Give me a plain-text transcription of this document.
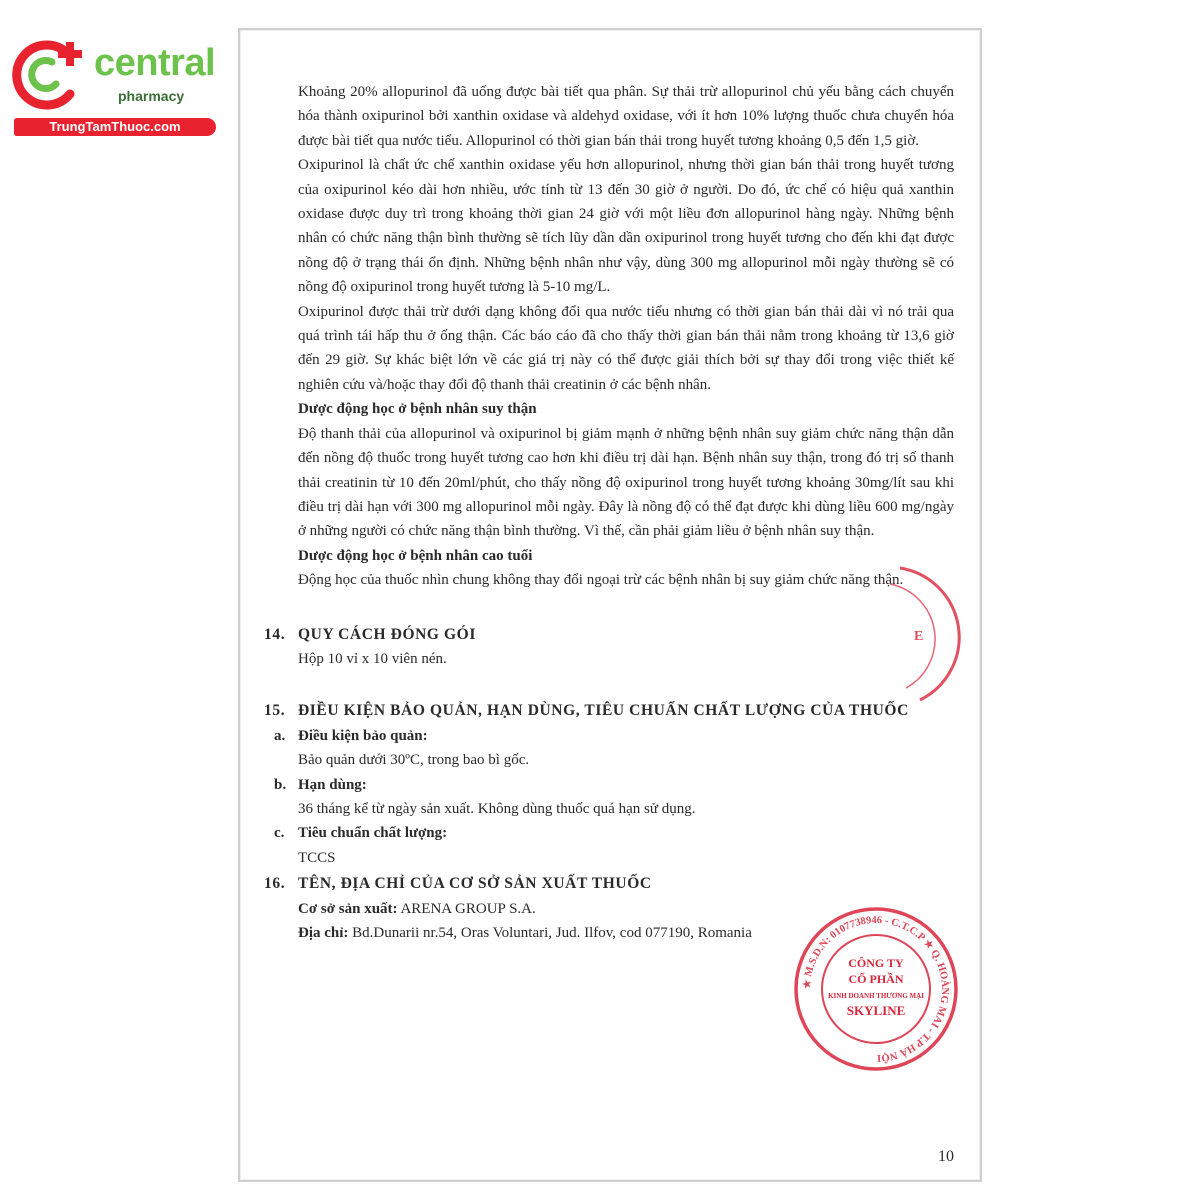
central
pharmacy
TrungTamThuoc.com

Khoảng 20% allopurinol đã uống được bài tiết qua phân. Sự thải trừ allopurinol chủ yếu bằng cách chuyển hóa thành oxipurinol bởi xanthin oxidase và aldehyd oxidase, với ít hơn 10% lượng thuốc chưa chuyển hóa được bài tiết qua nước tiểu. Allopurinol có thời gian bán thải trong huyết tương khoảng 0,5 đến 1,5 giờ.

Oxipurinol là chất ức chế xanthin oxidase yếu hơn allopurinol, nhưng thời gian bán thải trong huyết tương của oxipurinol kéo dài hơn nhiều, ước tính từ 13 đến 30 giờ ở người. Do đó, ức chế có hiệu quả xanthin oxidase được duy trì trong khoảng thời gian 24 giờ với một liều đơn allopurinol hàng ngày. Những bệnh nhân có chức năng thận bình thường sẽ tích lũy dần dần oxipurinol trong huyết tương cho đến khi đạt được nồng độ ở trạng thái ổn định. Những bệnh nhân như vậy, dùng 300 mg allopurinol mỗi ngày thường sẽ có nồng độ oxipurinol trong huyết tương là 5-10 mg/L.

Oxipurinol được thải trừ dưới dạng không đổi qua nước tiểu nhưng có thời gian bán thải dài vì nó trải qua quá trình tái hấp thu ở ống thận. Các báo cáo đã cho thấy thời gian bán thải nằm trong khoảng từ 13,6 giờ đến 29 giờ. Sự khác biệt lớn về các giá trị này có thể được giải thích bởi sự thay đổi trong việc thiết kế nghiên cứu và/hoặc thay đổi độ thanh thải creatinin ở các bệnh nhân.

Dược động học ở bệnh nhân suy thận

Độ thanh thải của allopurinol và oxipurinol bị giảm mạnh ở những bệnh nhân suy giảm chức năng thận dẫn đến nồng độ thuốc trong huyết tương cao hơn khi điều trị dài hạn. Bệnh nhân suy thận, trong đó trị số thanh thải creatinin từ 10 đến 20ml/phút, cho thấy nồng độ oxipurinol trong huyết tương khoảng 30mg/lít sau khi điều trị dài hạn với 300 mg allopurinol mỗi ngày. Đây là nồng độ có thể đạt được khi dùng liều 600 mg/ngày ở những người có chức năng thận bình thường. Vì thế, cần phải giảm liều ở bệnh nhân suy thận.

Dược động học ở bệnh nhân cao tuổi

Động học của thuốc nhìn chung không thay đổi ngoại trừ các bệnh nhân bị suy giảm chức năng thận.

14. QUY CÁCH ĐÓNG GÓI

Hộp 10 vỉ x 10 viên nén.

15. ĐIỀU KIỆN BẢO QUẢN, HẠN DÙNG, TIÊU CHUẨN CHẤT LƯỢNG CỦA THUỐC
a. Điều kiện bảo quản:

Bảo quản dưới 30ºC, trong bao bì gốc.

b. Hạn dùng:

36 tháng kể từ ngày sản xuất. Không dùng thuốc quá hạn sử dụng.

c. Tiêu chuẩn chất lượng:

TCCS

16. TÊN, ĐỊA CHỈ CỦA CƠ SỞ SẢN XUẤT THUỐC

Cơ sở sản xuất: ARENA GROUP S.A.

Địa chỉ: Bd.Dunarii nr.54, Oras Voluntari, Jud. Ilfov, cod 077190, Romania

E
★ M.S.D.N: 0107738946 - C.T.C.P ★ Q. HOÀNG MAI - T.P HÀ NỘI
CÔNG TY
CỔ PHẦN
KINH DOANH THƯƠNG MẠI
SKYLINE
10
